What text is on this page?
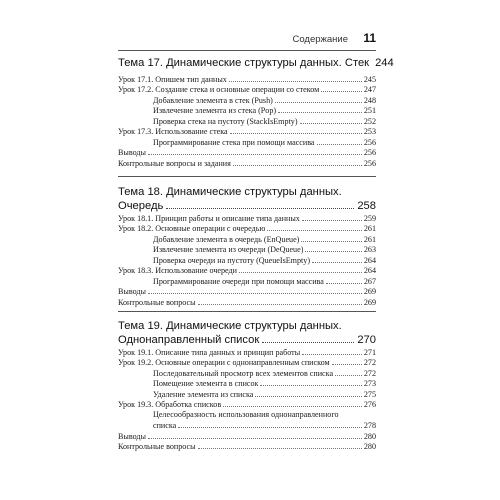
Содержание 11
Тема 17. Динамические структуры данных. Стек 244
Урок 17.1. Опишем тип данных	245
Урок 17.2. Создание стека и основные операции со стеком	247
Добавление элемента в стек (Push)	248
Извлечение элемента из стека (Pop)	251
Проверка стека на пустоту (StackIsEmpty)	252
Урок 17.3. Использование стека	253
Программирование стека при помощи массива	256
Выводы	256
Контрольные вопросы и задания	256
Тема 18. Динамические структуры данных.
Очередь	258
Урок 18.1. Принцип работы и описание типа данных	259
Урок 18.2. Основные операции с очередью	261
Добавление элемента в очередь (EnQueue)	261
Извлечение элемента из очереди (DeQueue)	263
Проверка очереди на пустоту (QueueIsEmpty)	264
Урок 18.3. Использование очереди	264
Программирование очереди при помощи массива	267
Выводы	269
Контрольные вопросы	269
Тема 19. Динамические структуры данных.
Однонаправленный список	270
Урок 19.1. Описание типа данных и принцип работы	271
Урок 19.2. Основные операции с однонаправленным списком	272
Последовательный просмотр всех элементов списка	272
Помещение элемента в список	273
Удаление элемента из списка	275
Урок 19.3. Обработка списков	276
Целесообразность использования однонаправленного
списка	278
Выводы	280
Контрольные вопросы	280
